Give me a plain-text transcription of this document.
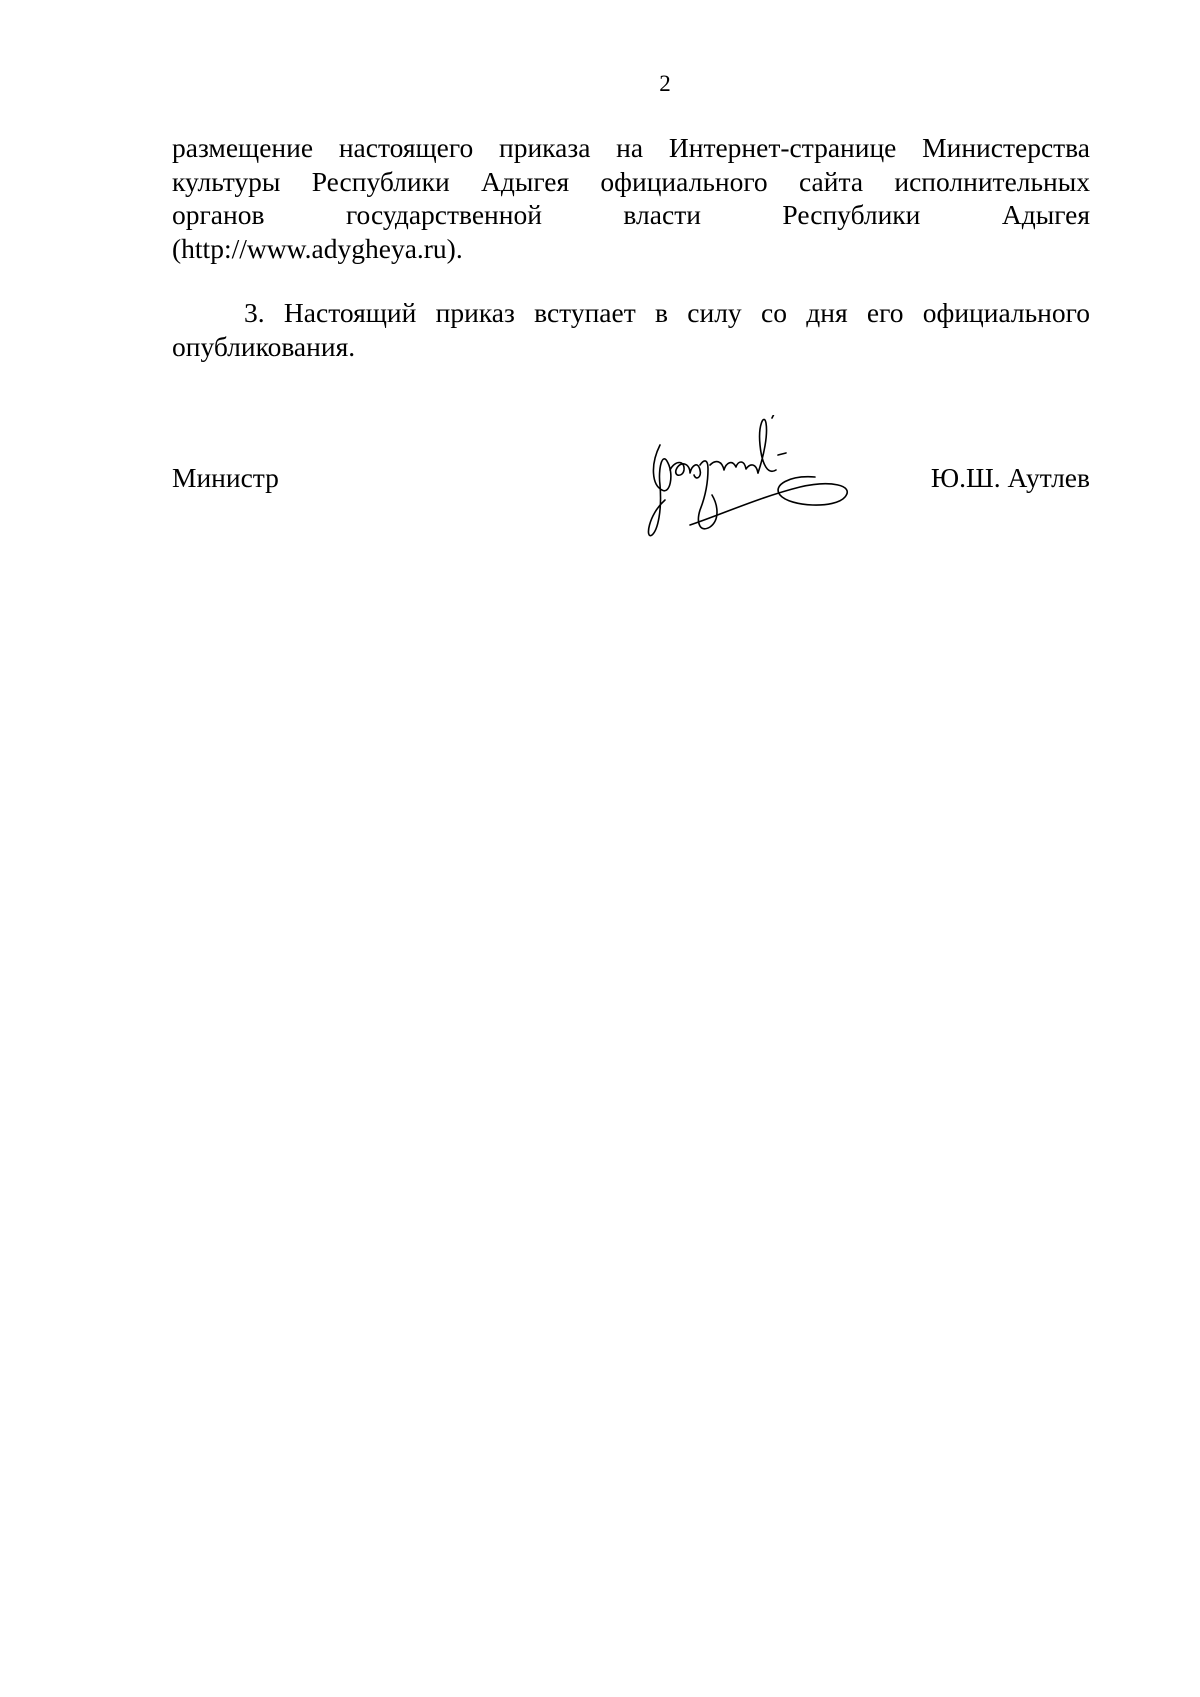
2
размещение настоящего приказа на Интернет-странице Министерства
культуры Республики Адыгея официального сайта исполнительных
органов государственной власти Республики Адыгея
(http://www.adygheya.ru).
3. Настоящий приказ вступает в силу со дня его официального
опубликования.
Министр	Ю.Ш. Аутлев
